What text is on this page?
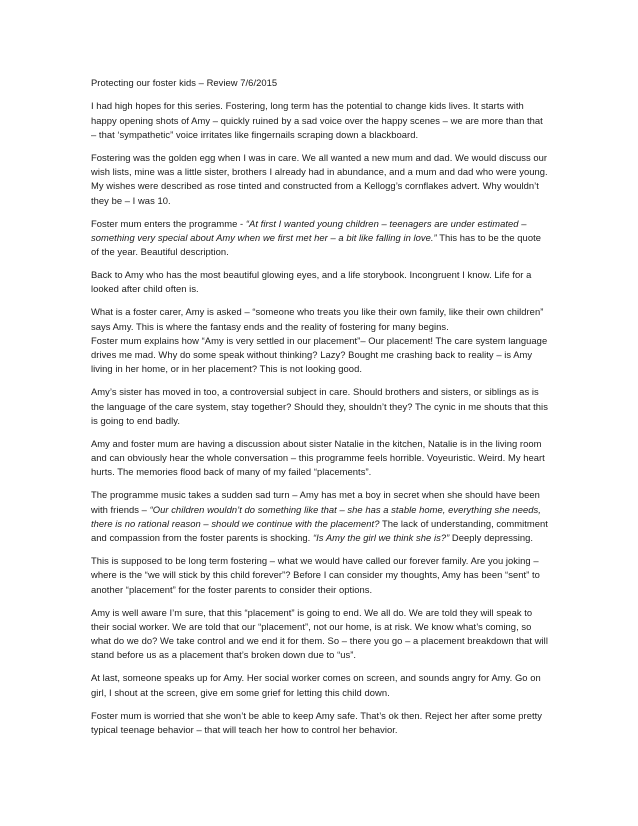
Protecting our foster kids – Review 7/6/2015

I had high hopes for this series. Fostering, long term has the potential to change kids lives. It starts with happy opening shots of Amy – quickly ruined by a sad voice over the happy scenes – we are more than that – that ‘sympathetic” voice irritates like fingernails scraping down a blackboard.

Fostering was the golden egg when I was in care. We all wanted a new mum and dad. We would discuss our wish lists, mine was a little sister, brothers I already had in abundance, and a mum and dad who were young. My wishes were described as rose tinted and constructed from a Kellogg’s cornflakes advert. Why wouldn’t they be – I was 10.

Foster mum enters the programme - “At first I wanted young children – teenagers are under estimated – something very special about Amy when we first met her – a bit like falling in love.” This has to be the quote of the year. Beautiful description.

Back to Amy who has the most beautiful glowing eyes, and a life storybook. Incongruent I know. Life for a looked after child often is.

What is a foster carer, Amy is asked – “someone who treats you like their own family, like their own children” says Amy. This is where the fantasy ends and the reality of fostering for many begins.

Foster mum explains how “Amy is very settled in our placement”– Our placement! The care system language drives me mad. Why do some speak without thinking? Lazy? Bought me crashing back to reality – is Amy living in her home, or in her placement? This is not looking good.

Amy’s sister has moved in too, a controversial subject in care. Should brothers and sisters, or siblings as is the language of the care system, stay together? Should they, shouldn’t they? The cynic in me shouts that this is going to end badly.

Amy and foster mum are having a discussion about sister Natalie in the kitchen, Natalie is in the living room and can obviously hear the whole conversation – this programme feels horrible. Voyeuristic. Weird. My heart hurts. The memories flood back of many of my failed “placements”.

The programme music takes a sudden sad turn – Amy has met a boy in secret when she should have been with friends – “Our children wouldn’t do something like that – she has a stable home, everything she needs, there is no rational reason – should we continue with the placement? The lack of understanding, commitment and compassion from the foster parents is shocking. “Is Amy the girl we think she is?” Deeply depressing.

This is supposed to be long term fostering – what we would have called our forever family. Are you joking – where is the “we will stick by this child forever”? Before I can consider my thoughts, Amy has been “sent” to another “placement” for the foster parents to consider their options.

Amy is well aware I’m sure, that this “placement” is going to end. We all do. We are told they will speak to their social worker. We are told that our “placement”, not our home, is at risk. We know what’s coming, so what do we do? We take control and we end it for them. So – there you go – a placement breakdown that will stand before us as a placement that’s broken down due to “us”.

At last, someone speaks up for Amy. Her social worker comes on screen, and sounds angry for Amy. Go on girl, I shout at the screen, give em some grief for letting this child down.

Foster mum is worried that she won’t be able to keep Amy safe. That’s ok then. Reject her after some pretty typical teenage behavior – that will teach her how to control her behavior.
